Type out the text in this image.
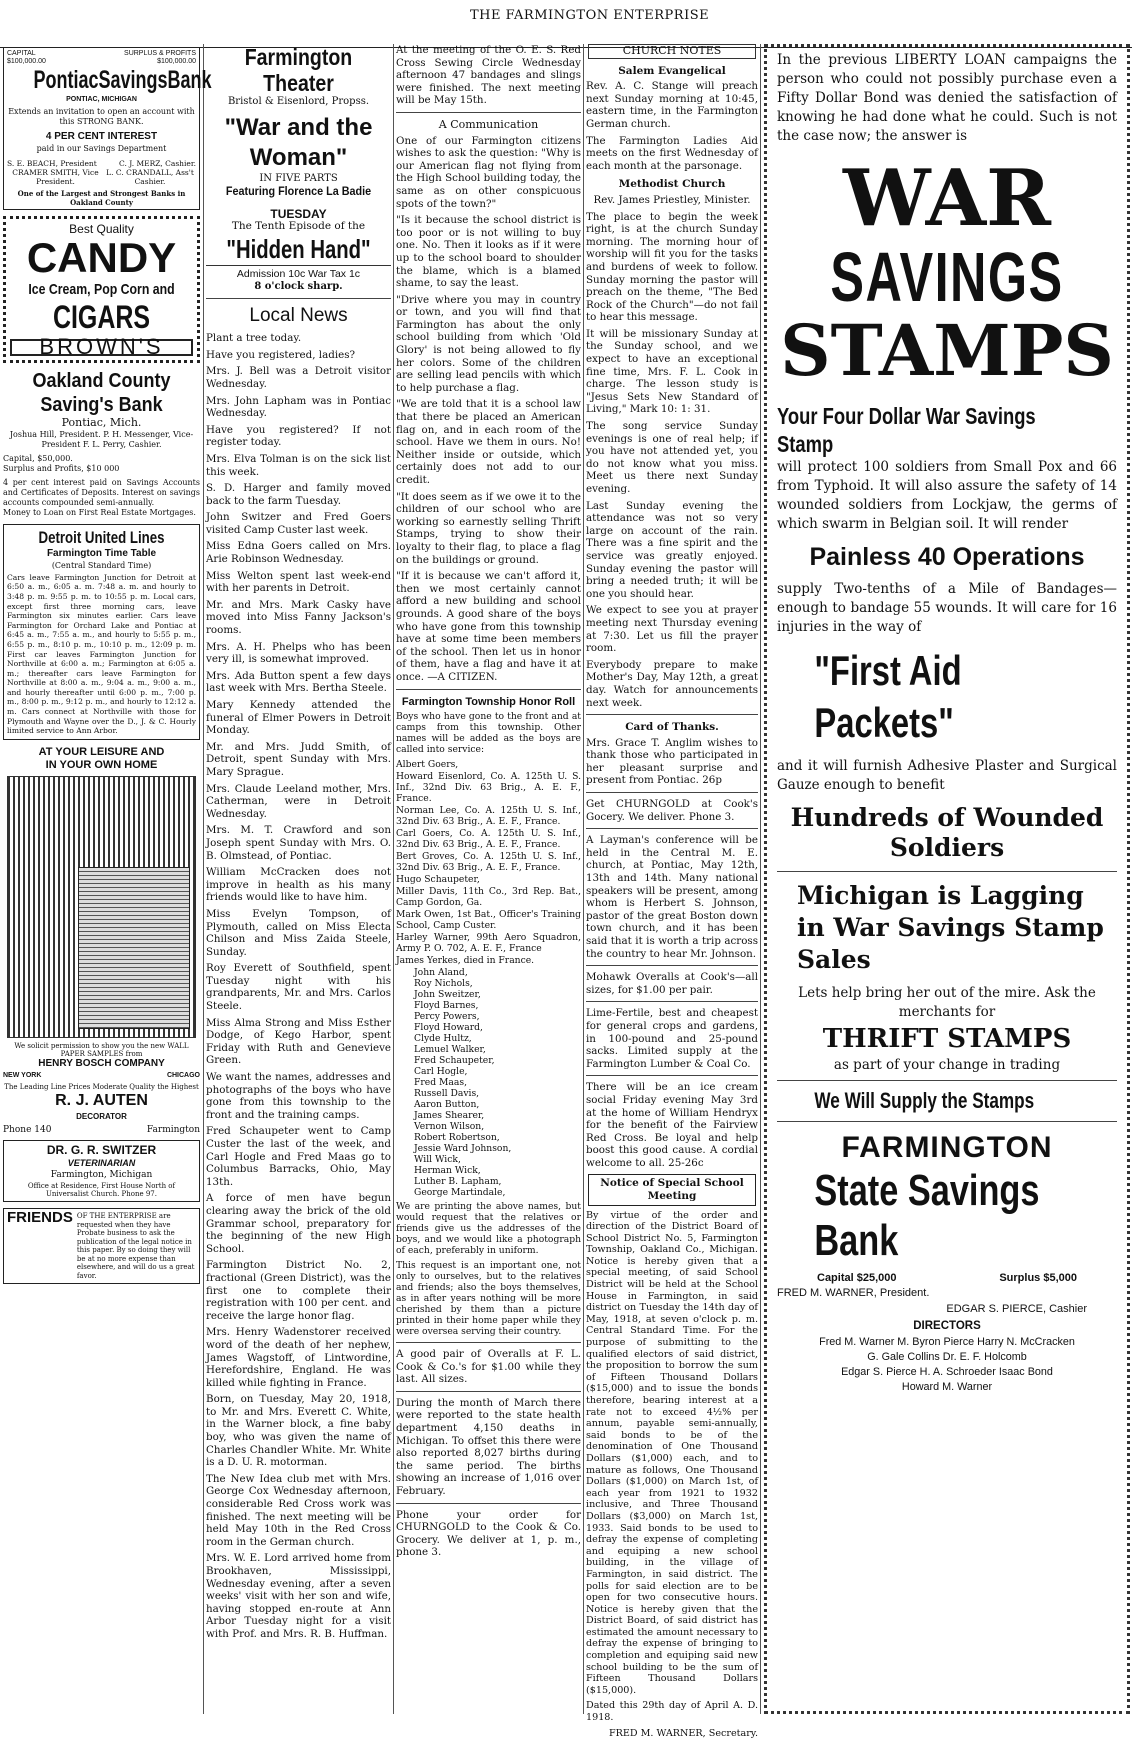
THE FARMINGTON ENTERPRISE
CAPITAL	SURPLUS & PROFITS
$100,000.00	$100,000.00
PontiacSavingsBank
PONTIAC, MICHIGAN
Extends an invitation to open an account with this STRONG BANK.
4 PER CENT INTEREST
paid in our Savings Department
S. E. BEACH, President	C. J. MERZ, Cashier.
CRAMER SMITH, Vice President.
L. C. CRANDALL, Ass't Cashier.
One of the Largest and Strongest Banks in Oakland County
Best Quality
CANDY
Ice Cream, Pop Corn and
CIGARS
BROWN'S
Oakland County Saving's Bank
Pontiac, Mich.
Joshua Hill, President. P. H. Messenger, Vice-President F. L. Perry, Cashier.
Capital, $50,000.
Surplus and Profits, $10 000
4 per cent interest paid on Savings Accounts and Certificates of Deposits. Interest on savings accounts compounded semi-annually.
Money to Loan on First Real Estate Mortgages.
Detroit United Lines
Farmington Time Table
(Central Standard Time)
Cars leave Farmington Junction for Detroit at 6:50 a. m., 6:05 a. m. 7:48 a. m. and hourly to 3:48 p. m. 9:55 p. m. to 10:55 p. m. Local cars, except first three morning cars, leave Farmington six minutes earlier. Cars leave Farmington for Orchard Lake and Pontiac at 6:45 a. m., 7:55 a. m., and hourly to 5:55 p. m., 6:55 p. m., 8:10 p. m., 10:10 p. m., 12:09 p. m. First car leaves Farmington Junction for Northville at 6:00 a. m.; Farmington at 6:05 a. m.; thereafter cars leave Farmington for Northville at 8:00 a. m., 9:04 a. m., 9:00 a. m., and hourly thereafter until 6:00 p. m., 7:00 p. m., 8:00 p. m., 9:12 p. m., and hourly to 12:12 a. m. Cars connect at Northville with those for Plymouth and Wayne over the D., J. & C. Hourly limited service to Ann Arbor.
AT YOUR LEISURE AND
IN YOUR OWN HOME
We solicit permission to show you the new WALL PAPER SAMPLES from
HENRY BOSCH COMPANY
NEW YORK	CHICAGO
The Leading Line Prices Moderate Quality the Highest
R. J. AUTEN
DECORATOR
Phone 140	Farmington
DR. G. R. SWITZER
VETERINARIAN
Farmington, Michigan
Office at Residence, First House North of Universalist Church. Phone 97.
FRIENDS OF THE ENTERPRISE are requested when they have Probate business to ask the publication of the legal notice in this paper. By so doing they will be at no more expense than elsewhere, and will do us a great favor.
Farmington Theater
Bristol & Eisenlord, Propss.
"War and the Woman"
IN FIVE PARTS
Featuring Florence La Badie
TUESDAY
The Tenth Episode of the
"Hidden Hand"
Admission 10c War Tax 1c
8 o'clock sharp.
Local News

Plant a tree today.

Have you registered, ladies?

Mrs. J. Bell was a Detroit visitor Wednesday.

Mrs. John Lapham was in Pontiac Wednesday.

Have you registered? If not register today.

Mrs. Elva Tolman is on the sick list this week.

S. D. Harger and family moved back to the farm Tuesday.

John Switzer and Fred Goers visited Camp Custer last week.

Miss Edna Goers called on Mrs. Arie Robinson Wednesday.

Miss Welton spent last week-end with her parents in Detroit.

Mr. and Mrs. Mark Casky have moved into Miss Fanny Jackson's rooms.

Mrs. A. H. Phelps who has been very ill, is somewhat improved.

Mrs. Ada Button spent a few days last week with Mrs. Bertha Steele.

Mary Kennedy attended the funeral of Elmer Powers in Detroit Monday.

Mr. and Mrs. Judd Smith, of Detroit, spent Sunday with Mrs. Mary Sprague.

Mrs. Claude Leeland mother, Mrs. Catherman, were in Detroit Wednesday.

Mrs. M. T. Crawford and son Joseph spent Sunday with Mrs. O. B. Olmstead, of Pontiac.

William McCracken does not improve in health as his many friends would like to have him.

Miss Evelyn Tompson, of Plymouth, called on Miss Electa Chilson and Miss Zaida Steele, Sunday.

Roy Everett of Southfield, spent Tuesday night with his grandparents, Mr. and Mrs. Carlos Steele.

Miss Alma Strong and Miss Esther Dodge, of Kego Harbor, spent Friday with Ruth and Genevieve Green.

We want the names, addresses and photographs of the boys who have gone from this township to the front and the training camps.

Fred Schaupeter went to Camp Custer the last of the week, and Carl Hogle and Fred Maas go to Columbus Barracks, Ohio, May 13th.

A force of men have begun clearing away the brick of the old Grammar school, preparatory for the beginning of the new High School.

Farmington District No. 2, fractional (Green District), was the first one to complete their registration with 100 per cent. and receive the large honor flag.

Mrs. Henry Wadenstorer received word of the death of her nephew, James Wagstoff, of Lintwordine, Herefordshire, England. He was killed while fighting in France.

Born, on Tuesday, May 20, 1918, to Mr. and Mrs. Everett C. White, in the Warner block, a fine baby boy, who was given the name of Charles Chandler White. Mr. White is a D. U. R. motorman.

The New Idea club met with Mrs. George Cox Wednesday afternoon, considerable Red Cross work was finished. The next meeting will be held May 10th in the Red Cross room in the German church.

Mrs. W. E. Lord arrived home from Brookhaven, Mississippi, Wednesday evening, after a seven weeks' visit with her son and wife, having stopped en-route at Ann Arbor Tuesday night for a visit with Prof. and Mrs. R. B. Huffman.

At the meeting of the O. E. S. Red Cross Sewing Circle Wednesday afternoon 47 bandages and slings were finished. The next meeting will be May 15th.

A Communication

One of our Farmington citizens wishes to ask the question: "Why is our American flag not flying from the High School building today, the same as on other conspicuous spots of the town?"

"Is it because the school district is too poor or is not willing to buy one. No. Then it looks as if it were up to the school board to shoulder the blame, which is a blamed shame, to say the least.

"Drive where you may in country or town, and you will find that Farmington has about the only school building from which 'Old Glory' is not being allowed to fly her colors. Some of the children are selling lead pencils with which to help purchase a flag.

"We are told that it is a school law that there be placed an American flag on, and in each room of the school. Have we them in ours. No! Neither inside or outside, which certainly does not add to our credit.

"It does seem as if we owe it to the children of our school who are working so earnestly selling Thrift Stamps, trying to show their loyalty to their flag, to place a flag on the buildings or ground.

"If it is because we can't afford it, then we most certainly cannot afford a new building and school grounds. A good share of the boys who have gone from this township have at some time been members of the school. Then let us in honor of them, have a flag and have it at once. —A CITIZEN.

Farmington Township Honor Roll

Boys who have gone to the front and at camps from this township. Other names will be added as the boys are called into service:

Albert Goers,

Howard Eisenlord, Co. A. 125th U. S. Inf., 32nd Div. 63 Brig., A. E. F., France.

Norman Lee, Co. A. 125th U. S. Inf., 32nd Div. 63 Brig., A. E. F., France.

Carl Goers, Co. A. 125th U. S. Inf., 32nd Div. 63 Brig., A. E. F., France.

Bert Groves, Co. A. 125th U. S. Inf., 32nd Div. 63 Brig., A. E. F., France.

Hugo Schaupeter,

Miller Davis, 11th Co., 3rd Rep. Bat., Camp Gordon, Ga.

Mark Owen, 1st Bat., Officer's Training School, Camp Custer.

Harley Warner, 99th Aero Squadron, Army P. O. 702, A. E. F., France

James Yerkes, died in France.

John Aland,
Roy Nichols,
John Sweitzer,
Floyd Barnes,
Percy Powers,
Floyd Howard,
Clyde Hultz,
Lemuel Walker,
Fred Schaupeter,
Carl Hogle,
Fred Maas,
Russell Davis,
Aaron Button,
James Shearer,
Vernon Wilson,
Robert Robertson,
Jessie Ward Johnson,
Will Wick,
Herman Wick,
Luther B. Lapham,
George Martindale,

We are printing the above names, but would request that the relatives or friends give us the addresses of the boys, and we would like a photograph of each, preferably in uniform.

This request is an important one, not only to ourselves, but to the relatives and friends; also the boys themselves, as in after years nothing will be more cherished by them than a picture printed in their home paper while they were oversea serving their country.

A good pair of Overalls at F. L. Cook & Co.'s for $1.00 while they last. All sizes.

During the month of March there were reported to the state health department 4,150 deaths in Michigan. To offset this there were also reported 8,027 births during the same period. The births showing an increase of 1,016 over February.

Phone your order for CHURNGOLD to the Cook & Co. Grocery. We deliver at 1, p. m., phone 3.

CHURCH NOTES
Salem Evangelical

Rev. A. C. Stange will preach next Sunday morning at 10:45, eastern time, in the Farmington German church.

The Farmington Ladies Aid meets on the first Wednesday of each month at the parsonage.

Methodist Church

Rev. James Priestley, Minister.

The place to begin the week right, is at the church Sunday morning. The morning hour of worship will fit you for the tasks and burdens of week to follow. Sunday morning the pastor will preach on the theme, "The Bed Rock of the Church"—do not fail to hear this message.

It will be missionary Sunday at the Sunday school, and we expect to have an exceptional fine time, Mrs. F. L. Cook in charge. The lesson study is "Jesus Sets New Standard of Living," Mark 10: 1: 31.

The song service Sunday evenings is one of real help; if you have not attended yet, you do not know what you miss. Meet us there next Sunday evening.

Last Sunday evening the attendance was not so very large on account of the rain. There was a fine spirit and the service was greatly enjoyed. Sunday evening the pastor will bring a needed truth; it will be one you should hear.

We expect to see you at prayer meeting next Thursday evening at 7:30. Let us fill the prayer room.

Everybody prepare to make Mother's Day, May 12th, a great day. Watch for announcements next week.

Card of Thanks.

Mrs. Grace T. Anglim wishes to thank those who participated in her pleasant surprise and present from Pontiac. 26p

Get CHURNGOLD at Cook's Gocery. We deliver. Phone 3.

A Layman's conference will be held in the Central M. E. church, at Pontiac, May 12th, 13th and 14th. Many national speakers will be present, among whom is Herbert S. Johnson, pastor of the great Boston down town church, and it has been said that it is worth a trip across the country to hear Mr. Johnson.

Mohawk Overalls at Cook's—all sizes, for $1.00 per pair.

Lime-Fertile, best and cheapest for general crops and gardens, in 100-pound and 25-pound sacks. Limited supply at the Farmington Lumber & Coal Co.

There will be an ice cream social Friday evening May 3rd at the home of William Hendryx for the benefit of the Fairview Red Cross. Be loyal and help boost this good cause. A cordial welcome to all. 25-26c

Notice of Special School Meeting

By virtue of the order and direction of the District Board of School District No. 5, Farmington Township, Oakland Co., Michigan. Notice is hereby given that a special meeting, of said School District will be held at the School House in Farmington, in said district on Tuesday the 14th day of May, 1918, at seven o'clock p. m. Central Standard Time. For the purpose of submitting to the qualified electors of said district, the proposition to borrow the sum of Fifteen Thousand Dollars ($15,000) and to issue the bonds therefore, bearing interest at a rate not to exceed 4½% per annum, payable semi-annually, said bonds to be of the denomination of One Thousand Dollars ($1,000) each, and to mature as follows, One Thousand Dollars ($1,000) on March 1st, of each year from 1921 to 1932 inclusive, and Three Thousand Dollars ($3,000) on March 1st, 1933. Said bonds to be used to defray the expense of completing and equiping a new school building, in the village of Farmington, in said district. The polls for said election are to be open for two consecutive hours. Notice is hereby given that the District Board, of said district has estimated the amount necessary to defray the expense of bringing to completion and equiping said new school building to be the sum of Fifteen Thousand Dollars ($15,000).

Dated this 29th day of April A. D. 1918.

FRED M. WARNER, Secretary.
In the previous LIBERTY LOAN campaigns the person who could not possibly purchase even a Fifty Dollar Bond was denied the satisfaction of knowing he had done what he could. Such is not the case now; the answer is
WAR
SAVINGS
STAMPS
Your Four Dollar War Savings Stamp
will protect 100 soldiers from Small Pox and 66 from Typhoid. It will also assure the safety of 14 wounded soldiers from Lockjaw, the germs of which swarm in Belgian soil. It will render
Painless 40 Operations
supply Two-tenths of a Mile of Bandages—enough to bandage 55 wounds. It will care for 16 injuries in the way of
"First Aid Packets"
and it will furnish Adhesive Plaster and Surgical Gauze enough to benefit
Hundreds of Wounded Soldiers
Michigan is Lagging in War Savings Stamp Sales
Lets help bring her out of the mire. Ask the merchants for
THRIFT STAMPS
as part of your change in trading
We Will Supply the Stamps
FARMINGTON
State Savings Bank
Capital $25,000	Surplus $5,000
FRED M. WARNER, President.
EDGAR S. PIERCE, Cashier
DIRECTORS
Fred M. Warner M. Byron Pierce Harry N. McCracken
G. Gale Collins Dr. E. F. Holcomb
Edgar S. Pierce H. A. Schroeder Isaac Bond
Howard M. Warner
